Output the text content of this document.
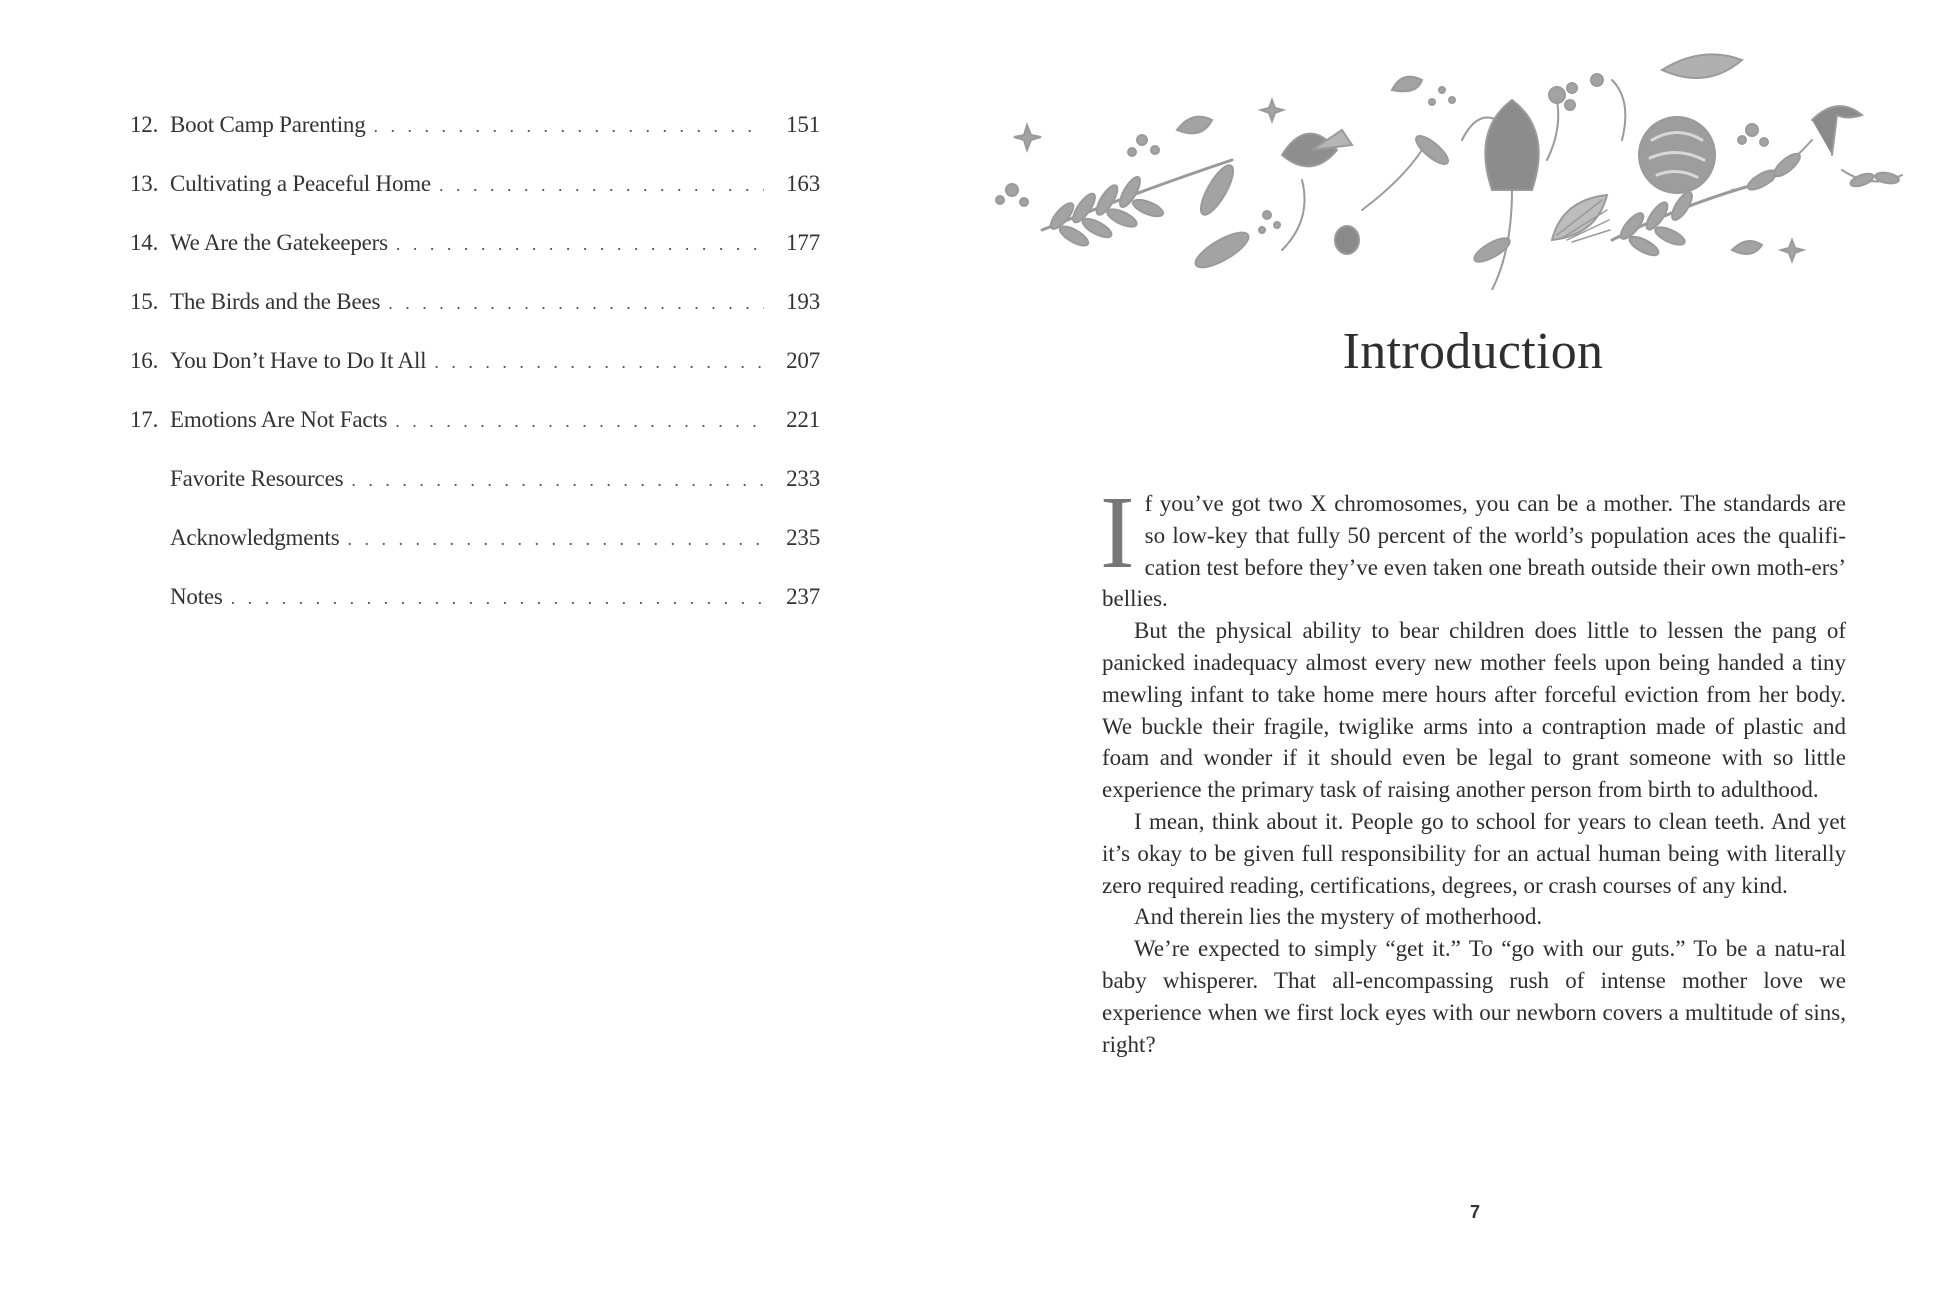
12. Boot Camp Parenting . . .	151
13. Cultivating a Peaceful Home . . .	163
14. We Are the Gatekeepers . . .	177
15. The Birds and the Bees . . .	193
16. You Don’t Have to Do It All . . .	207
17. Emotions Are Not Facts . . .	221
Favorite Resources . . .	233
Acknowledgments . . .	235
Notes . . .	237
Introduction

If you’ve got two X chromosomes, you can be a mother. The standards are so low-key that fully 50 percent of the world’s population aces the qualifi-cation test before they’ve even taken one breath outside their own moth-ers’ bellies.

But the physical ability to bear children does little to lessen the pang of panicked inadequacy almost every new mother feels upon being handed a tiny mewling infant to take home mere hours after forceful eviction from her body. We buckle their fragile, twiglike arms into a contraption made of plastic and foam and wonder if it should even be legal to grant someone with so little experience the primary task of raising another person from birth to adulthood.

I mean, think about it. People go to school for years to clean teeth. And yet it’s okay to be given full responsibility for an actual human being with literally zero required reading, certifications, degrees, or crash courses of any kind.

And therein lies the mystery of motherhood.

We’re expected to simply “get it.” To “go with our guts.” To be a natu-ral baby whisperer. That all-encompassing rush of intense mother love we experience when we first lock eyes with our newborn covers a multitude of sins, right?

7
